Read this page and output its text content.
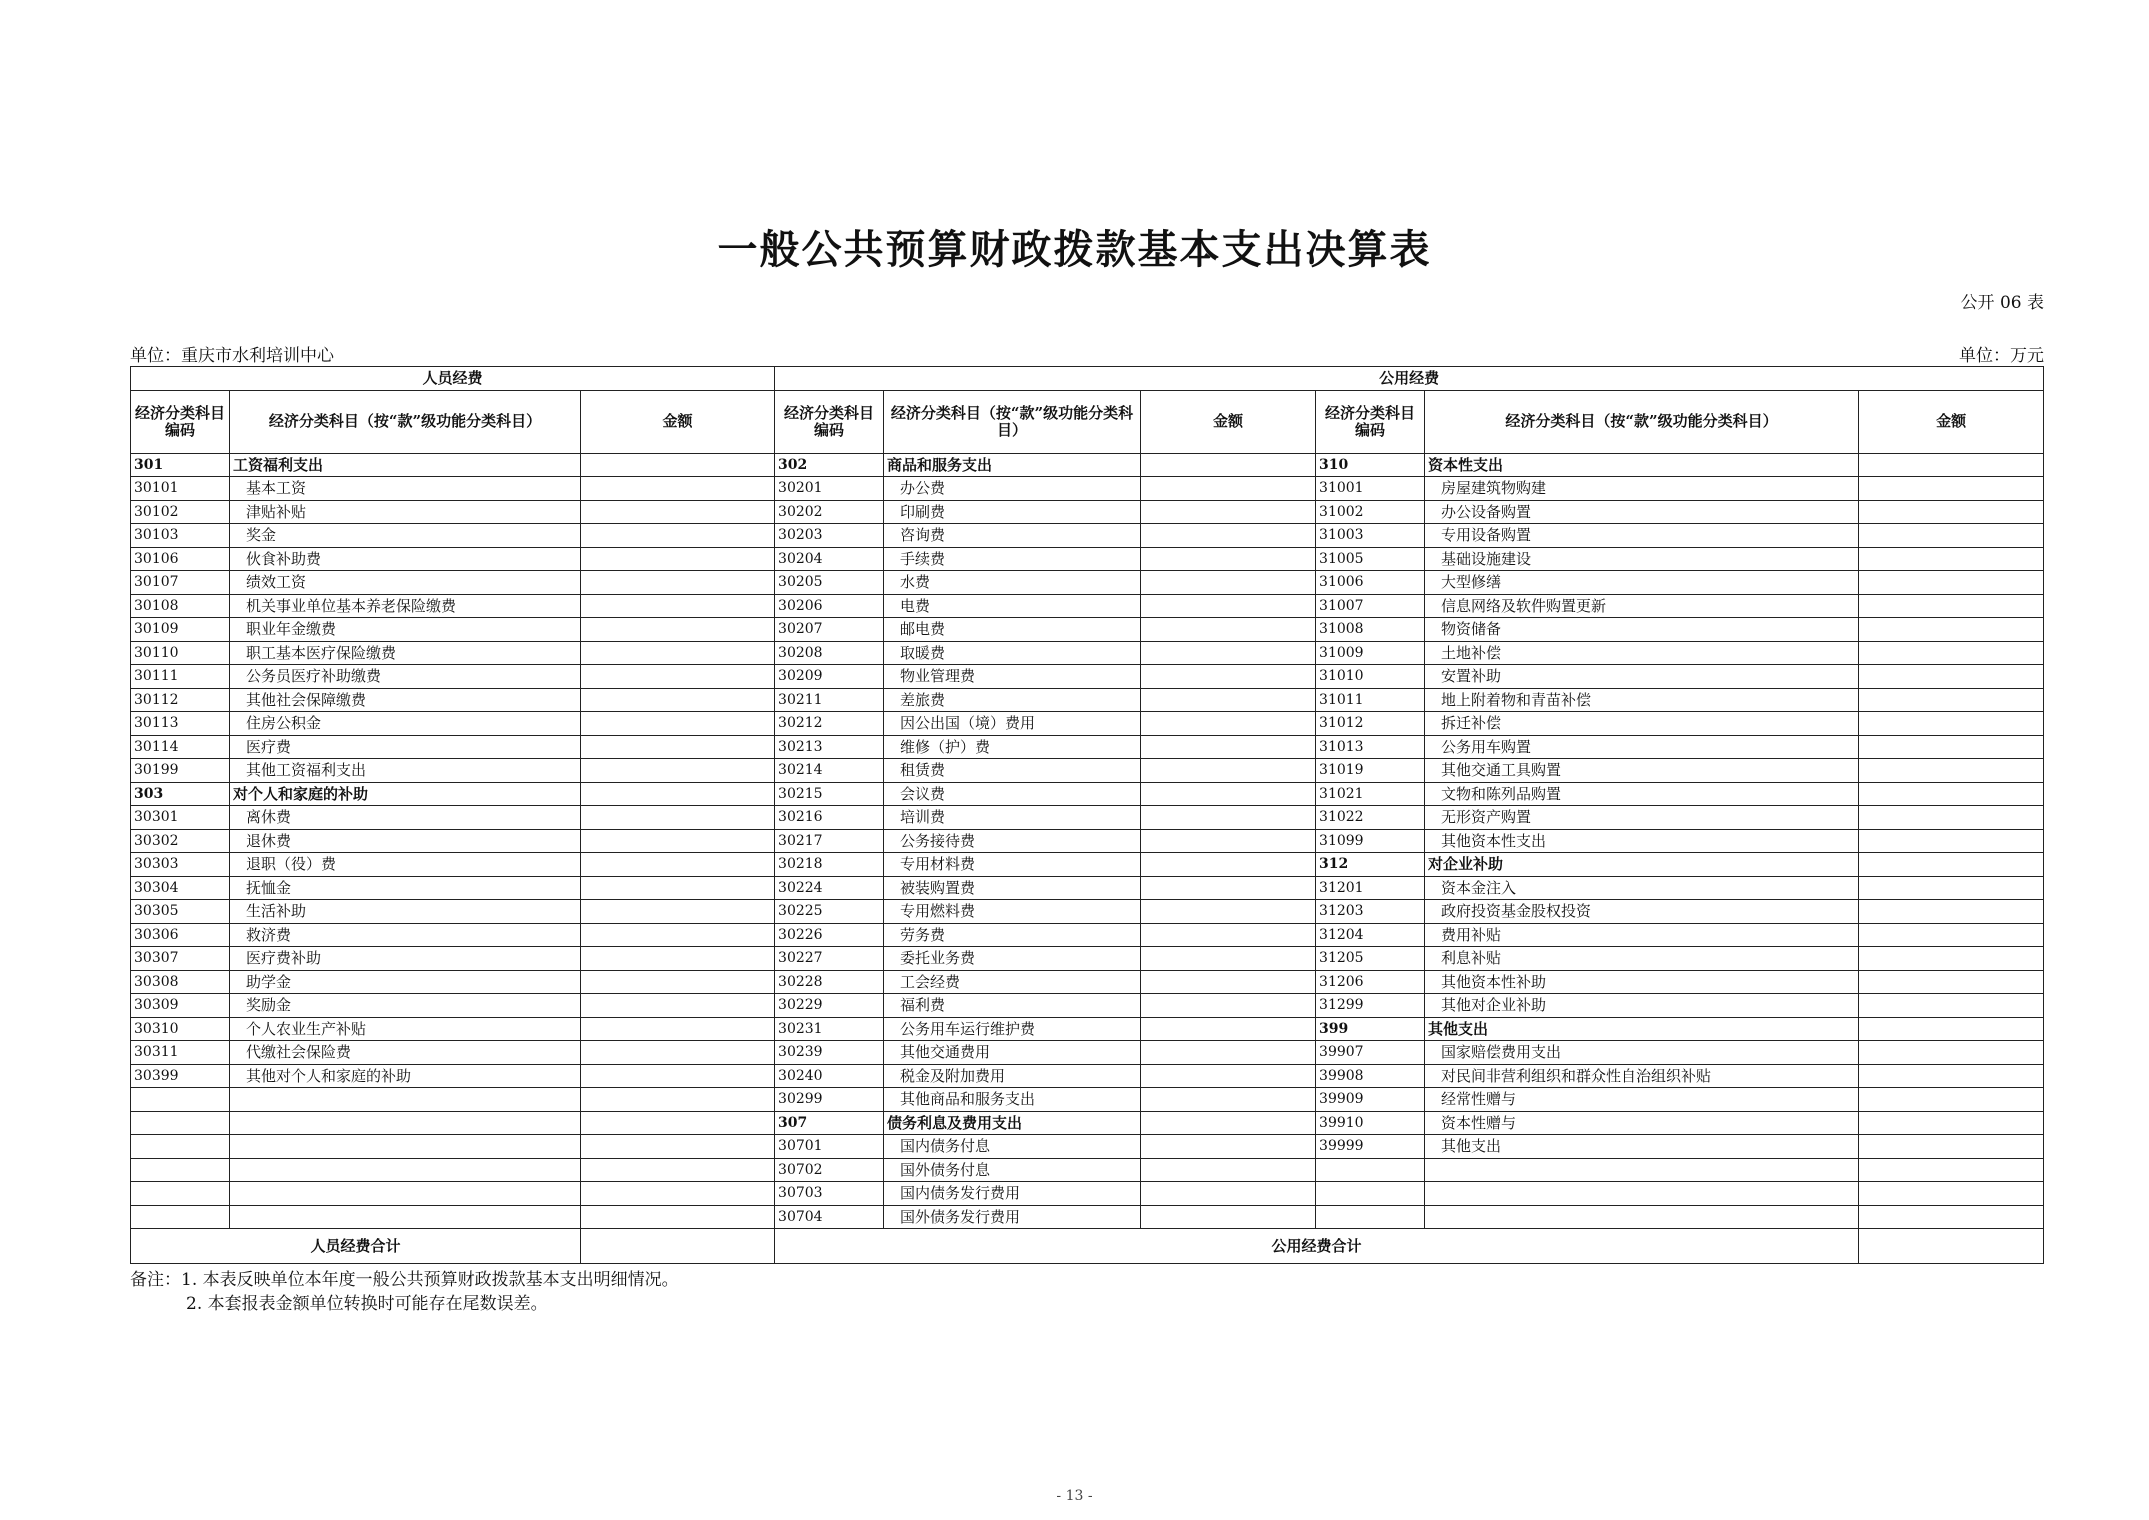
一般公共预算财政拨款基本支出决算表
公开 06 表
单位：重庆市水利培训中心	单位：万元
人员经费			公用经费					
经济分类科目编码	经济分类科目（按“款”级功能分类科目）	金额	经济分类科目编码	经济分类科目（按“款”级功能分类科目）	金额	经济分类科目编码	经济分类科目（按“款”级功能分类科目）	金额
301	工资福利支出		302	商品和服务支出		310	资本性支出	
30101	基本工资		30201	办公费		31001	房屋建筑物购建	
30102	津贴补贴		30202	印刷费		31002	办公设备购置	
30103	奖金		30203	咨询费		31003	专用设备购置	
30106	伙食补助费		30204	手续费		31005	基础设施建设	
30107	绩效工资		30205	水费		31006	大型修缮	
30108	机关事业单位基本养老保险缴费		30206	电费		31007	信息网络及软件购置更新	
30109	职业年金缴费		30207	邮电费		31008	物资储备	
30110	职工基本医疗保险缴费		30208	取暖费		31009	土地补偿	
30111	公务员医疗补助缴费		30209	物业管理费		31010	安置补助	
30112	其他社会保障缴费		30211	差旅费		31011	地上附着物和青苗补偿	
30113	住房公积金		30212	因公出国（境）费用		31012	拆迁补偿	
30114	医疗费		30213	维修（护）费		31013	公务用车购置	
30199	其他工资福利支出		30214	租赁费		31019	其他交通工具购置	
303	对个人和家庭的补助		30215	会议费		31021	文物和陈列品购置	
30301	离休费		30216	培训费		31022	无形资产购置	
30302	退休费		30217	公务接待费		31099	其他资本性支出	
30303	退职（役）费		30218	专用材料费		312	对企业补助	
30304	抚恤金		30224	被装购置费		31201	资本金注入	
30305	生活补助		30225	专用燃料费		31203	政府投资基金股权投资	
30306	救济费		30226	劳务费		31204	费用补贴	
30307	医疗费补助		30227	委托业务费		31205	利息补贴	
30308	助学金		30228	工会经费		31206	其他资本性补助	
30309	奖励金		30229	福利费		31299	其他对企业补助	
30310	个人农业生产补贴		30231	公务用车运行维护费		399	其他支出	
30311	代缴社会保险费		30239	其他交通费用		39907	国家赔偿费用支出	
30399	其他对个人和家庭的补助		30240	税金及附加费用		39908	对民间非营利组织和群众性自治组织补贴	
			30299	其他商品和服务支出		39909	经常性赠与	
			307	债务利息及费用支出		39910	资本性赠与	
			30701	国内债务付息		39999	其他支出	
			30702	国外债务付息				
			30703	国内债务发行费用				
			30704	国外债务发行费用				
人员经费合计			公用经费合计					
备注：1. 本表反映单位本年度一般公共预算财政拨款基本支出明细情况。
2. 本套报表金额单位转换时可能存在尾数误差。
- 13 -
